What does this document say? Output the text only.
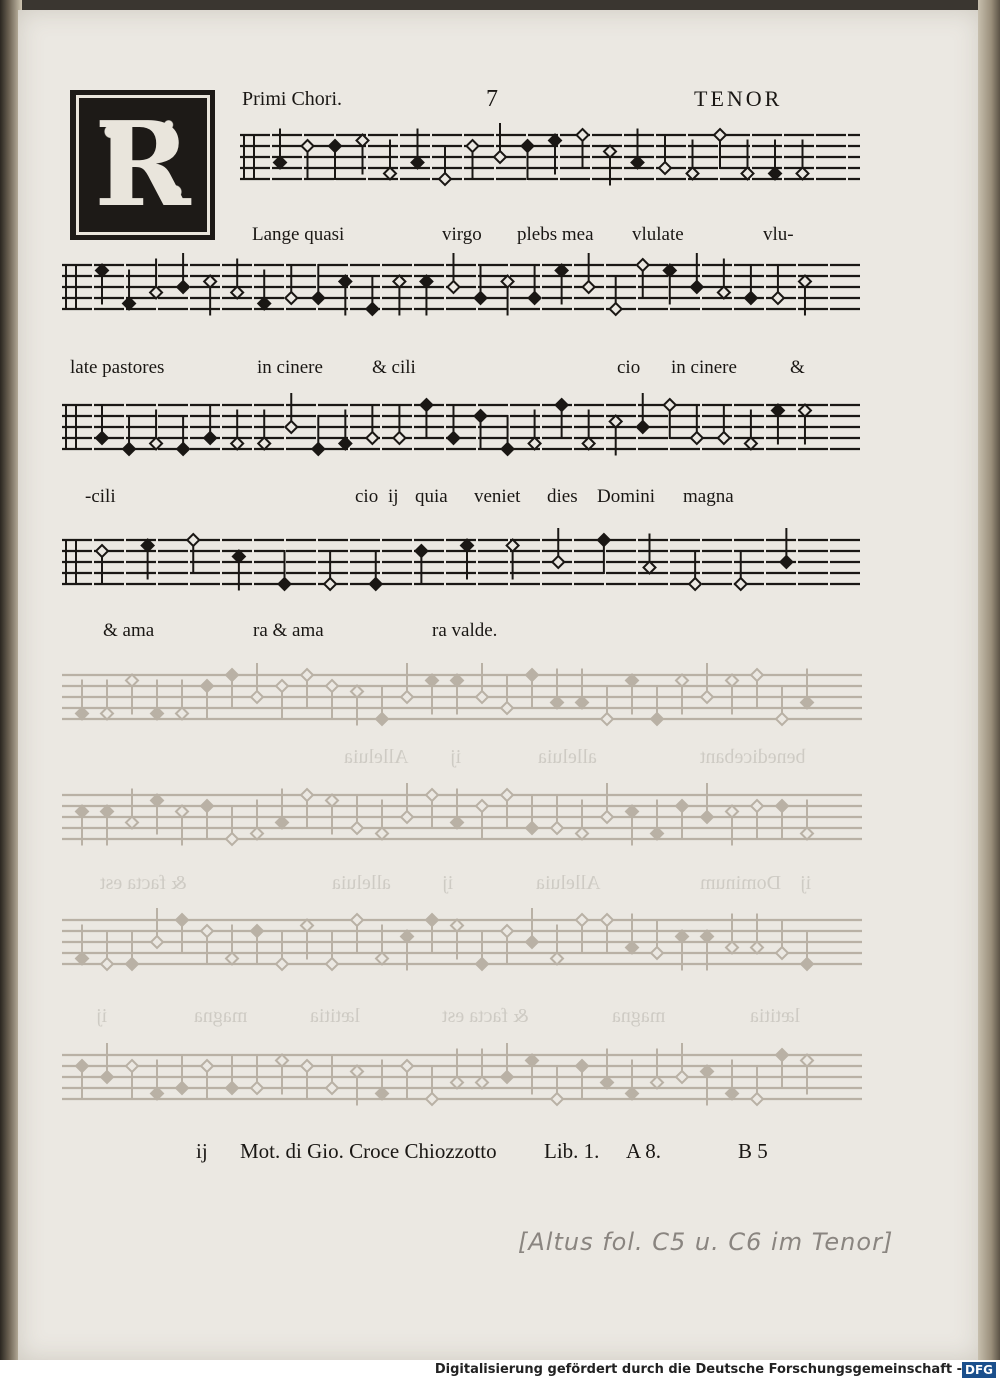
Primi Chori.	7	TENOR
R
Lange quasi	virgo plebs mea vlulate	vlu-
late pastores	in cinere	& cili	cio in cinere	&
-cili	cio ij quia veniet dies Domini magna
& ama	ra & ama	ra valde.
benedicebant
alleluia
ij
Alleluia
ij
Dominum
Alleluia
ij
alleluia
& facta est
lætitia
magna
& facta est
lætitia
magna
ij
ij Mot. di Gio. Croce Chiozzotto Lib. 1. A 8.	B 5
[Altus fol. C5 u. C6 im Tenor]
Digitalisierung gefördert durch die Deutsche Forschungsgemeinschaft - DFG
